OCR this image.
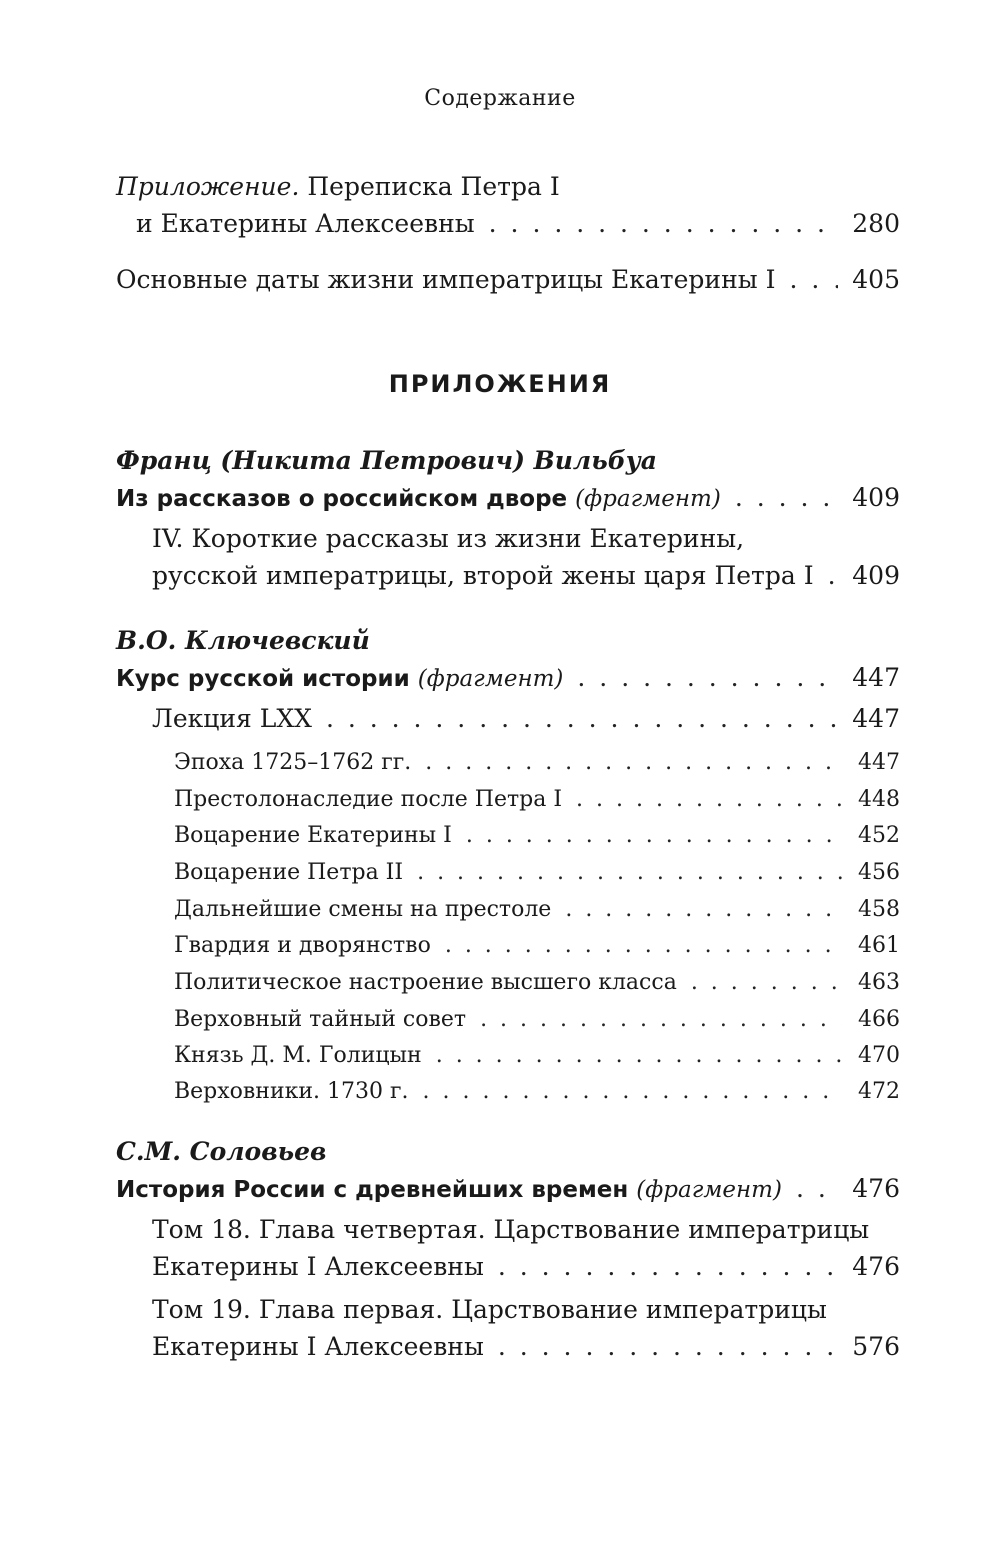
Содержание
Приложение. Переписка Петра I
и Екатерины Алексеевны . . .	280
Основные даты жизни императрицы Екатерины I . . .	405
ПРИЛОЖЕНИЯ
Франц (Никита Петрович) Вильбуа
Из рассказов о российском дворе (фрагмент) . . .	409
IV. Короткие рассказы из жизни Екатерины,
русской императрицы, второй жены царя Петра I . . . 409
В.О. Ключевский
Курс русской истории (фрагмент) . . .	447
Лекция LXX . . .	447
Эпоха 1725–1762 гг. . . .	447
Престолонаследие после Петра I . . .	448
Воцарение Екатерины I . . .	452
Воцарение Петра II . . .	456
Дальнейшие смены на престоле . . .	458
Гвардия и дворянство . . .	461
Политическое настроение высшего класса . . .	463
Верховный тайный совет . . .	466
Князь Д. М. Голицын . . .	470
Верховники. 1730 г. . . .	472
С.М. Соловьев
История России с древнейших времен (фрагмент) . . .	476
Том 18. Глава четвертая. Царствование императрицы
Екатерины I Алексеевны . . .	476
Том 19. Глава первая. Царствование императрицы
Екатерины I Алексеевны . . .	576
